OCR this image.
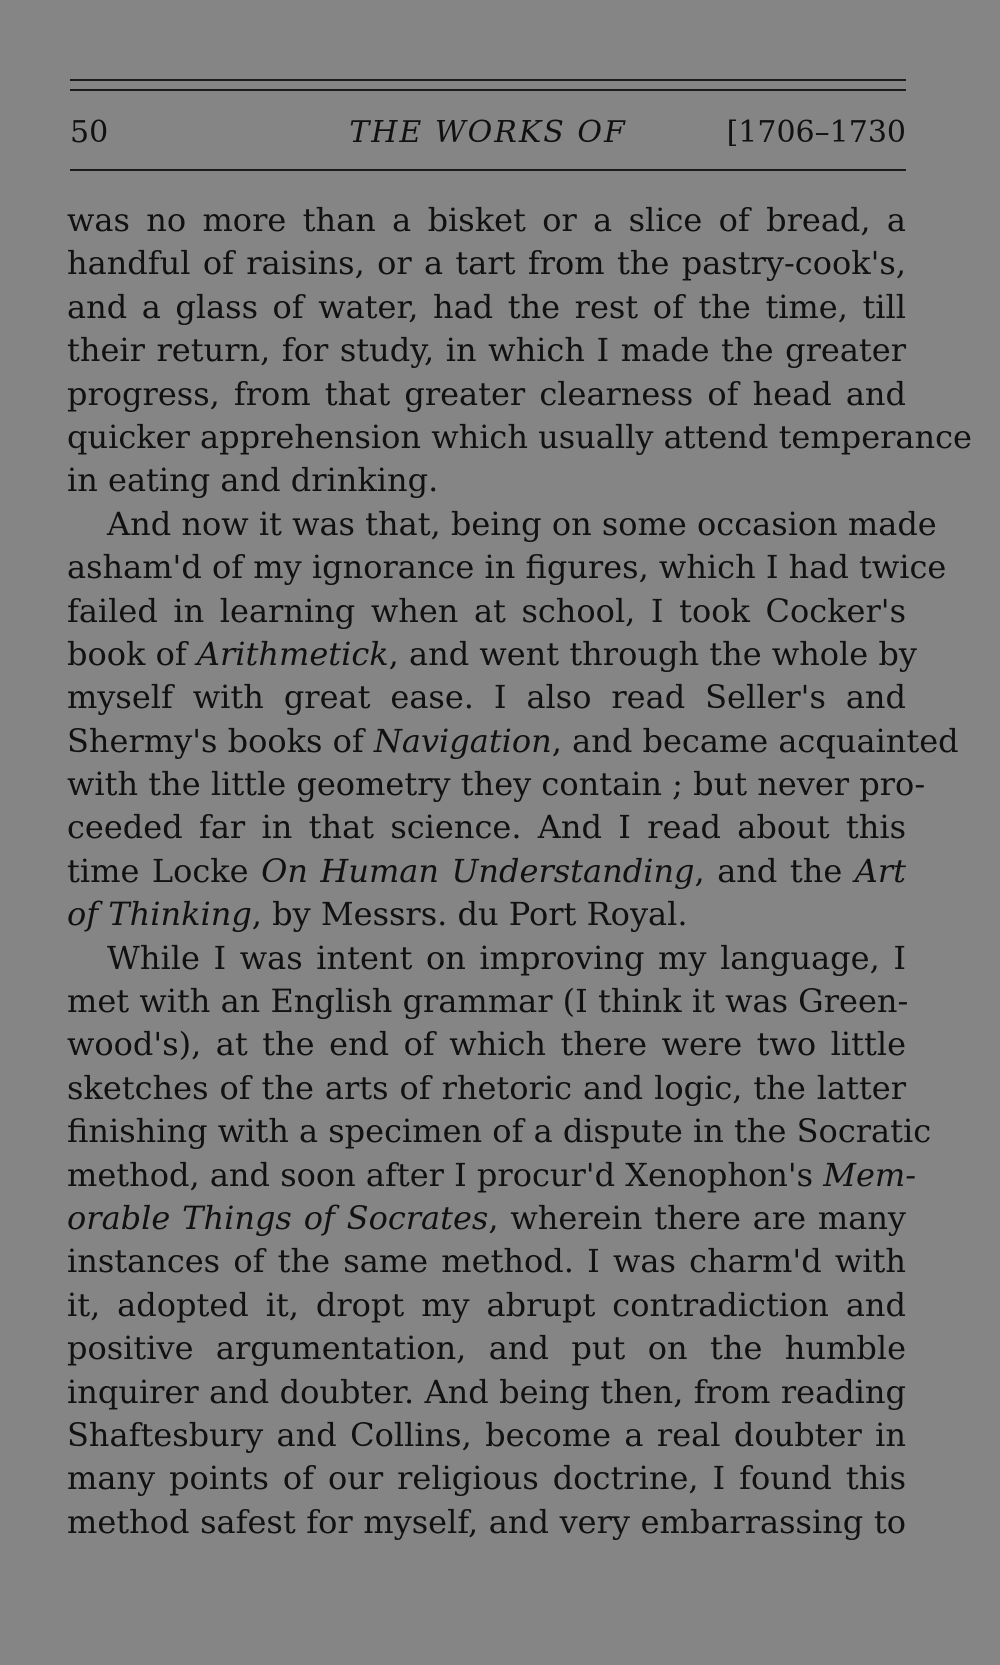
50	THE WORKS OF	[1706–1730
was no more than a bisket or a slice of bread, a
handful of raisins, or a tart from the pastry-cook's,
and a glass of water, had the rest of the time, till
their return, for study, in which I made the greater
progress, from that greater clearness of head and
quicker apprehension which usually attend temperance
in eating and drinking.
And now it was that, being on some occasion made
asham'd of my ignorance in figures, which I had twice
failed in learning when at school, I took Cocker's
book of Arithmetick, and went through the whole by
myself with great ease. I also read Seller's and
Shermy's books of Navigation, and became acquainted
with the little geometry they contain ; but never pro-
ceeded far in that science. And I read about this
time Locke On Human Understanding, and the Art
of Thinking, by Messrs. du Port Royal.
While I was intent on improving my language, I
met with an English grammar (I think it was Green-
wood's), at the end of which there were two little
sketches of the arts of rhetoric and logic, the latter
finishing with a specimen of a dispute in the Socratic
method, and soon after I procur'd Xenophon's Mem-
orable Things of Socrates, wherein there are many
instances of the same method. I was charm'd with
it, adopted it, dropt my abrupt contradiction and
positive argumentation, and put on the humble
inquirer and doubter. And being then, from reading
Shaftesbury and Collins, become a real doubter in
many points of our religious doctrine, I found this
method safest for myself, and very embarrassing to
